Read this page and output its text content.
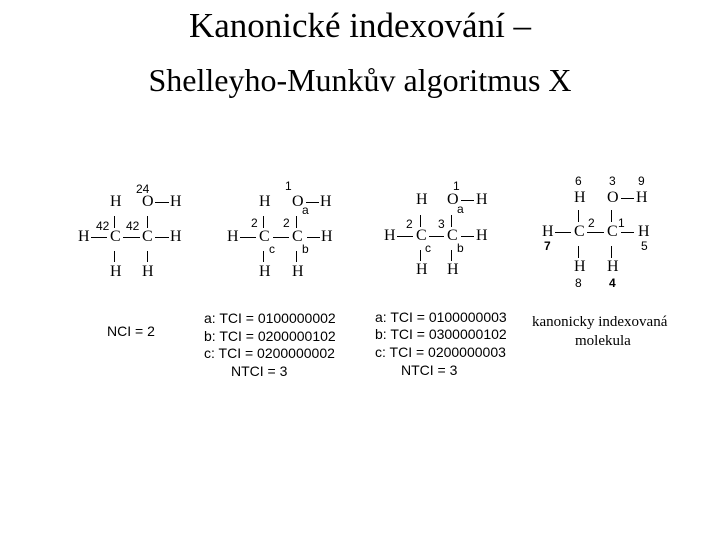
Kanonické indexování –
Shelleyho-Munkův algoritmus X
24
H O H
42 42
H C C H
H H
NCI = 2
1
H O
a H
2 2
H C
c
C
b
H
H H
a: TCI = 0100000002
b: TCI = 0200000102
c: TCI = 0200000002
NTCI = 3
1
H O
a
H
2 3
H C
c
C
b
H
H H
a: TCI = 0100000003
b: TCI = 0300000102
c: TCI = 0200000003
NTCI = 3
6 3 9
H O H
2 1
H C C H
7	5
H H
8 4
kanonicky indexovaná
molekula
